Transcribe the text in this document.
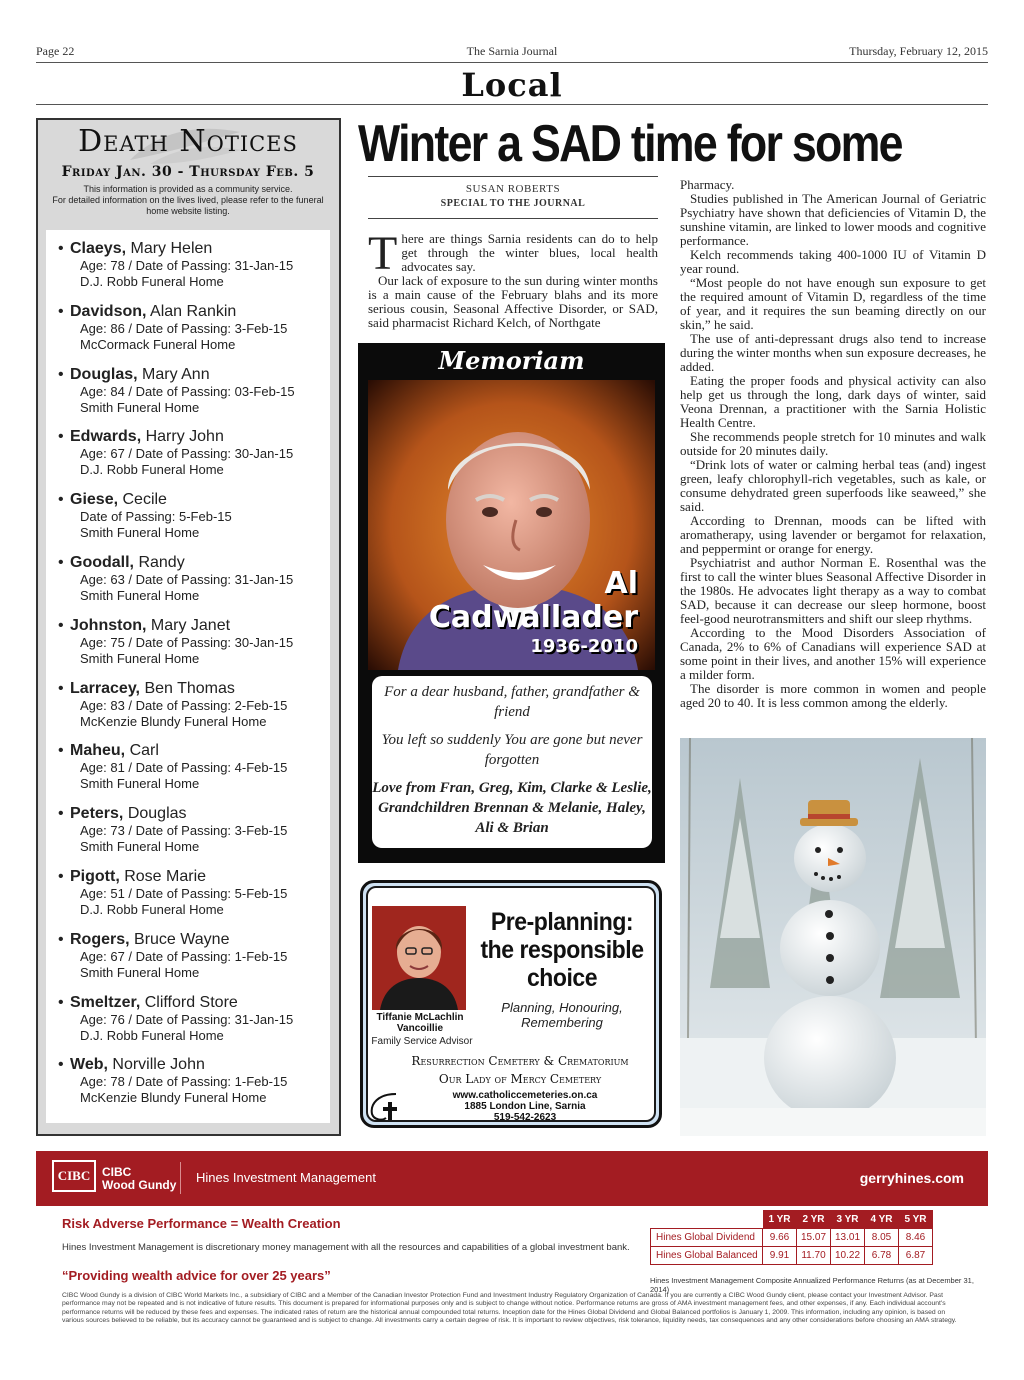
Page 22	The Sarnia Journal	Thursday, February 12, 2015
Local
Death Notices
Friday Jan. 30 - Thursday Feb. 5
This information is provided as a community service.
For detailed information on the lives lived, please refer to the funeral home website listing.
• Claeys, Mary Helen
Age: 78 / Date of Passing: 31-Jan-15
D.J. Robb Funeral Home
• Davidson, Alan Rankin
Age: 86 / Date of Passing: 3-Feb-15
McCormack Funeral Home
• Douglas, Mary Ann
Age: 84 / Date of Passing: 03-Feb-15
Smith Funeral Home
• Edwards, Harry John
Age: 67 / Date of Passing: 30-Jan-15
D.J. Robb Funeral Home
• Giese, Cecile
Date of Passing: 5-Feb-15
Smith Funeral Home
• Goodall, Randy
Age: 63 / Date of Passing: 31-Jan-15
Smith Funeral Home
• Johnston, Mary Janet
Age: 75 / Date of Passing: 30-Jan-15
Smith Funeral Home
• Larracey, Ben Thomas
Age: 83 / Date of Passing: 2-Feb-15
McKenzie Blundy Funeral Home
• Maheu, Carl
Age: 81 / Date of Passing: 4-Feb-15
Smith Funeral Home
• Peters, Douglas
Age: 73 / Date of Passing: 3-Feb-15
Smith Funeral Home
• Pigott, Rose Marie
Age: 51 / Date of Passing: 5-Feb-15
D.J. Robb Funeral Home
• Rogers, Bruce Wayne
Age: 67 / Date of Passing: 1-Feb-15
Smith Funeral Home
• Smeltzer, Clifford Store
Age: 76 / Date of Passing: 31-Jan-15
D.J. Robb Funeral Home
• Web, Norville John
Age: 78 / Date of Passing: 1-Feb-15
McKenzie Blundy Funeral Home
Winter a SAD time for some
SUSAN ROBERTS
SPECIAL TO THE JOURNAL
T here are things Sarnia residents can do to help get through the winter blues, local health advocates say.
Our lack of exposure to the sun during winter months is a main cause of the February blahs and its more serious cousin, Seasonal Affective Disorder, or SAD, said pharmacist Richard Kelch, of Northgate
Pharmacy.
Studies published in The American Journal of Geriatric Psychiatry have shown that deficiencies of Vitamin D, the sunshine vitamin, are linked to lower moods and cognitive performance.
Kelch recommends taking 400-1000 IU of Vitamin D year round.
“Most people do not have enough sun exposure to get the required amount of Vitamin D, regardless of the time of year, and it requires the sun beaming directly on our skin,” he said.
The use of anti-depressant drugs also tend to increase during the winter months when sun exposure decreases, he added.
Eating the proper foods and physical activity can also help get us through the long, dark days of winter, said Veona Drennan, a practitioner with the Sarnia Holistic Health Centre.
She recommends people stretch for 10 minutes and walk outside for 20 minutes daily.
“Drink lots of water or calming herbal teas (and) ingest green, leafy chlorophyll-rich vegetables, such as kale, or consume dehydrated green superfoods like seaweed,” she said.
According to Drennan, moods can be lifted with aromatherapy, using lavender or bergamot for relaxation, and peppermint or orange for energy.
Psychiatrist and author Norman E. Rosenthal was the first to call the winter blues Seasonal Affective Disorder in the 1980s. He advocates light therapy as a way to combat SAD, because it can decrease our sleep hormone, boost feel-good neurotransmitters and shift our sleep rhythms.
According to the Mood Disorders Association of Canada, 2% to 6% of Canadians will experience SAD at some point in their lives, and another 15% will experience a milder form.
The disorder is more common in women and people aged 20 to 40. It is less common among the elderly.
Memoriam
Al
Cadwallader
1936-2010
For a dear husband, father, grandfather & friend
You left so suddenly You are gone but never forgotten
Love from Fran, Greg, Kim, Clarke & Leslie, Grandchildren Brennan & Melanie, Haley, Ali & Brian
Pre-planning: the responsible choice
Planning, Honouring, Remembering
Tiffanie McLachlin Vancoillie
Family Service Advisor
Resurrection Cemetery & Crematorium
Our Lady of Mercy Cemetery
www.catholiccemeteries.on.ca
1885 London Line, Sarnia
519-542-2623
CIBC CIBC
Wood Gundy Hines Investment Management	gerryhines.com
Risk Adverse Performance = Wealth Creation
Hines Investment Management is discretionary money management with all the resources and capabilities of a global investment bank.
“Providing wealth advice for over 25 years”
	1 YR	2 YR	3 YR	4 YR	5 YR
Hines Global Dividend	9.66	15.07	13.01	8.05	8.46
Hines Global Balanced	9.91	11.70	10.22	6.78	6.87
Hines Investment Management Composite Annualized Performance Returns (as at December 31, 2014)
CIBC Wood Gundy is a division of CIBC World Markets Inc., a subsidiary of CIBC and a Member of the Canadian Investor Protection Fund and Investment Industry Regulatory Organization of Canada. If you are currently a CIBC Wood Gundy client, please contact your Investment Advisor. Past performance may not be repeated and is not indicative of future results. This document is prepared for informational purposes only and is subject to change without notice. Performance returns are gross of AMA investment management fees, and other expenses, if any. Each individual account's performance returns will be reduced by these fees and expenses. The indicated rates of return are the historical annual compounded total returns. Inception date for the Hines Global Dividend and Global Balanced portfolios is January 1, 2009. This information, including any opinion, is based on various sources believed to be reliable, but its accuracy cannot be guaranteed and is subject to change. All investments carry a certain degree of risk. It is important to review objectives, risk tolerance, liquidity needs, tax consequences and any other considerations before choosing an AMA strategy.
